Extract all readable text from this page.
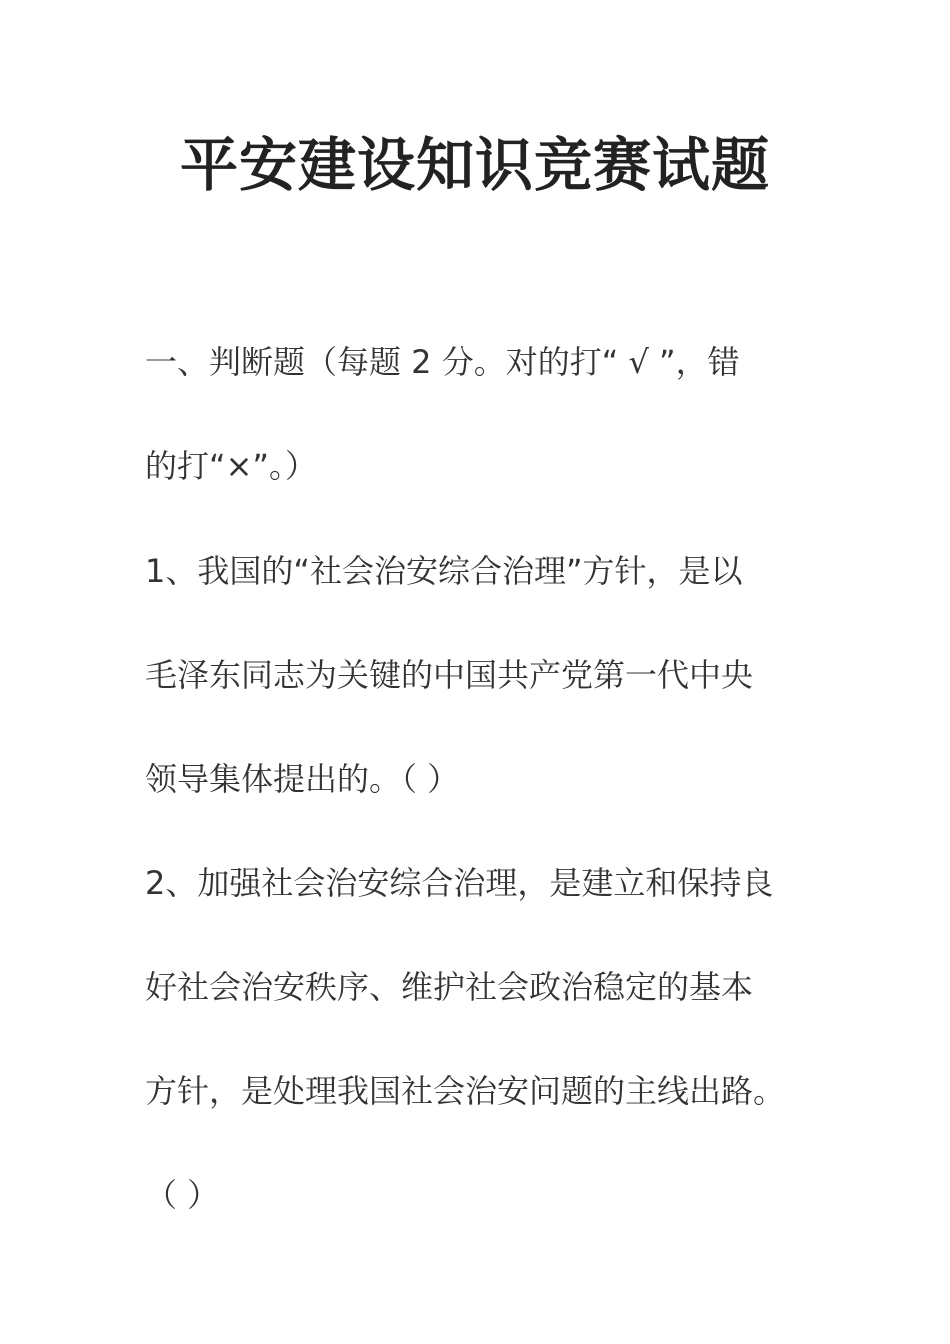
平安建设知识竞赛试题

一、判断题（每题 2 分。对的打“ √ ”，错

的打“×”。）

1、我国的“社会治安综合治理”方针，是以

毛泽东同志为关键的中国共产党第一代中央

领导集体提出的。（ ）

2、加强社会治安综合治理，是建立和保持良

好社会治安秩序、维护社会政治稳定的基本

方针，是处理我国社会治安问题的主线出路。

（ ）
